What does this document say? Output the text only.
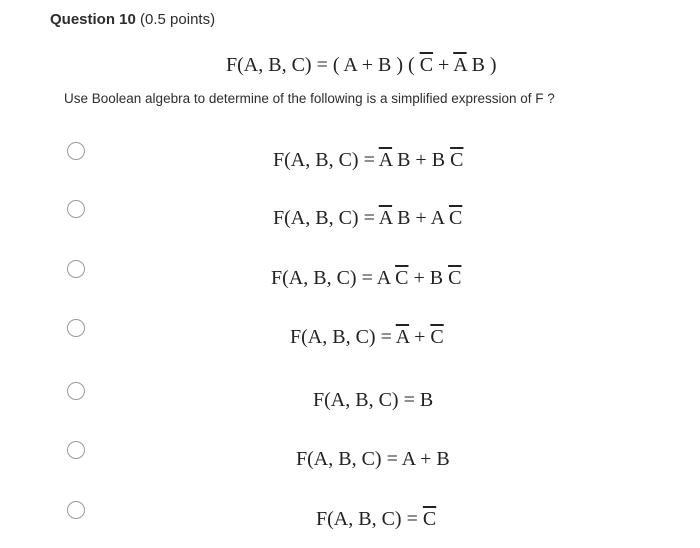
Question 10 (0.5 points)
F(A, B, C) = ( A + B ) ( $\overline{C} + \overline{A}$ B )
Use Boolean algebra to determine of the following is a simplified expression of F ?
F(A, B, $C) = \overline{A}$ B + B $\overline{C}$
F(A, B, $C) = \overline{A}$ B + A $\overline{C}$
F(A, B, C) = A $\overline{C} + B$ $\overline{C}$
F(A, B, $C) = \overline{A} + \overline{C}$
F(A, B, C) = B
F(A, B, C) = A + B
F(A, B, $C) = \overline{C}$
